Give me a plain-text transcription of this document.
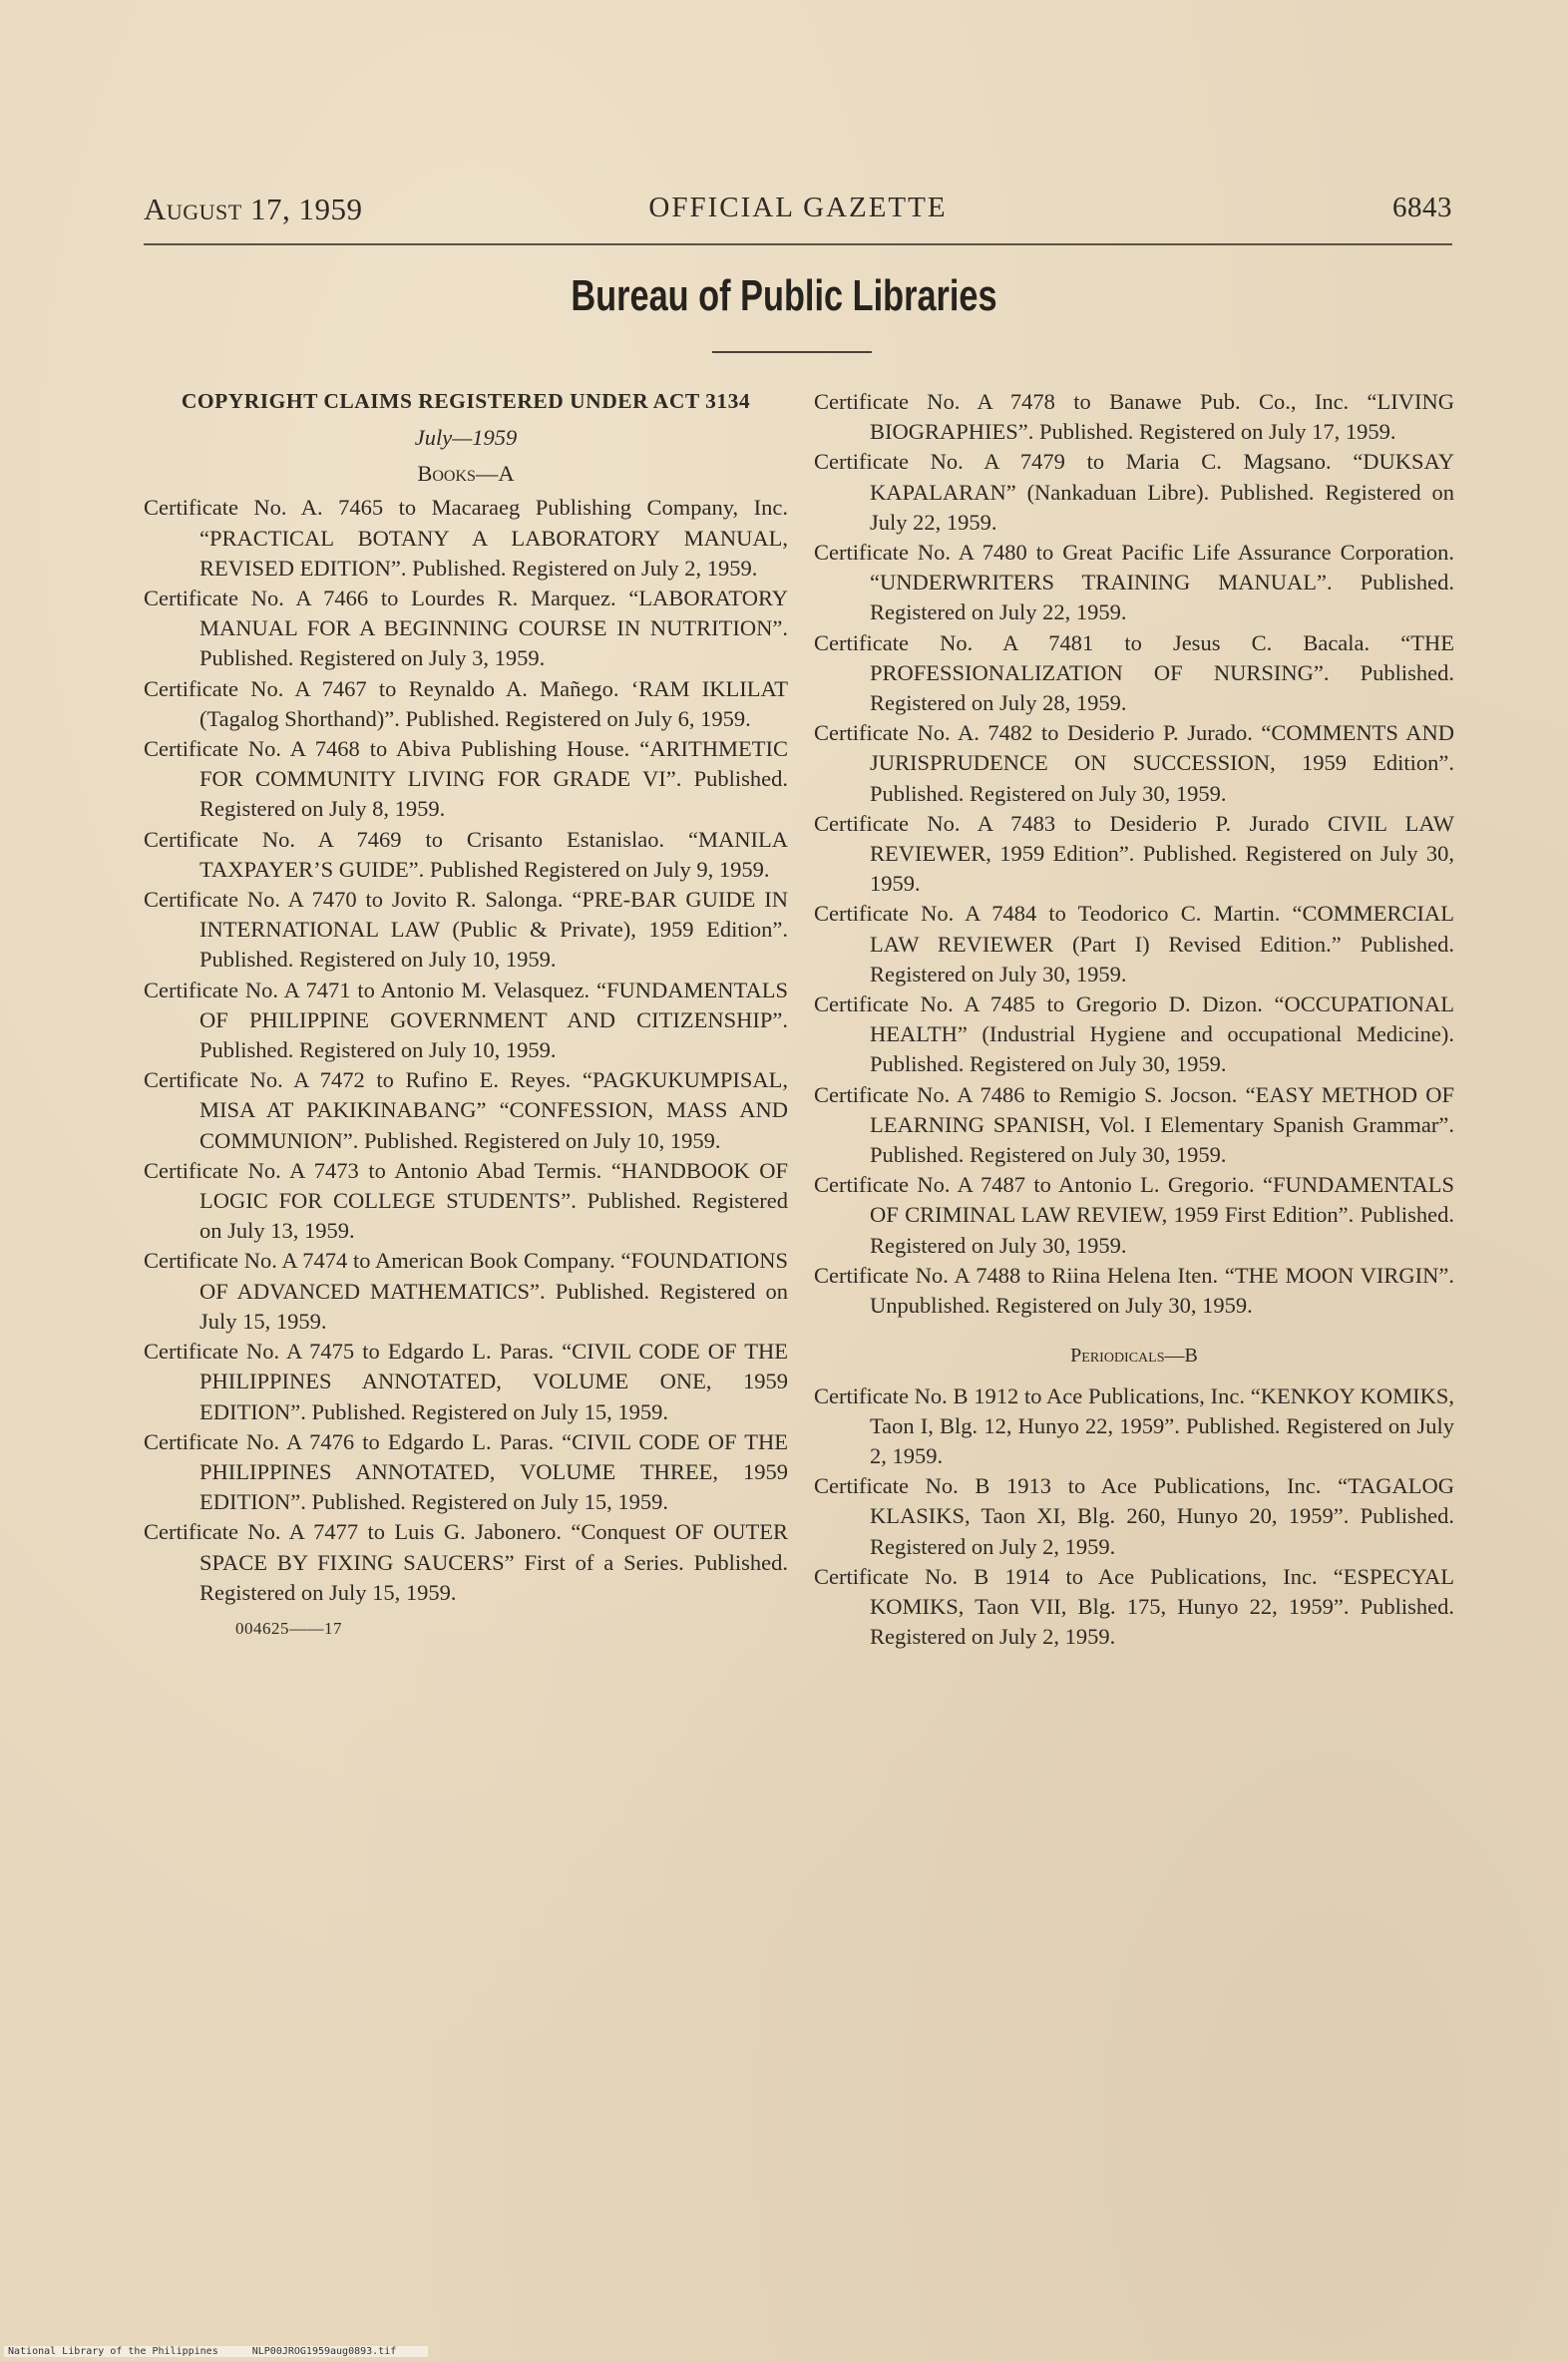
August 17, 1959	OFFICIAL GAZETTE	6843
Bureau of Public Libraries
COPYRIGHT CLAIMS REGISTERED UNDER ACT 3134
July—1959
Books—A

Certificate No. A. 7465 to Macaraeg Publishing Company, Inc. “PRACTICAL BOTANY A LABORATORY MANUAL, REVISED EDITION”. Published. Registered on July 2, 1959.

Certificate No. A 7466 to Lourdes R. Marquez. “LABORATORY MANUAL FOR A BEGINNING COURSE IN NUTRITION”. Published. Registered on July 3, 1959.

Certificate No. A 7467 to Reynaldo A. Mañego. ‘RAM IKLILAT (Tagalog Shorthand)”. Published. Registered on July 6, 1959.

Certificate No. A 7468 to Abiva Publishing House. “ARITHMETIC FOR COMMUNITY LIVING FOR GRADE VI”. Published. Registered on July 8, 1959.

Certificate No. A 7469 to Crisanto Estanislao. “MANILA TAXPAYER’S GUIDE”. Published Registered on July 9, 1959.

Certificate No. A 7470 to Jovito R. Salonga. “PRE-BAR GUIDE IN INTERNATIONAL LAW (Public & Private), 1959 Edition”. Published. Registered on July 10, 1959.

Certificate No. A 7471 to Antonio M. Velasquez. “FUNDAMENTALS OF PHILIPPINE GOVERNMENT AND CITIZENSHIP”. Published. Registered on July 10, 1959.

Certificate No. A 7472 to Rufino E. Reyes. “PAGKUKUMPISAL, MISA AT PAKIKINABANG” “CONFESSION, MASS AND COMMUNION”. Published. Registered on July 10, 1959.

Certificate No. A 7473 to Antonio Abad Termis. “HANDBOOK OF LOGIC FOR COLLEGE STUDENTS”. Published. Registered on July 13, 1959.

Certificate No. A 7474 to American Book Company. “FOUNDATIONS OF ADVANCED MATHEMATICS”. Published. Registered on July 15, 1959.

Certificate No. A 7475 to Edgardo L. Paras. “CIVIL CODE OF THE PHILIPPINES ANNOTATED, VOLUME ONE, 1959 EDITION”. Published. Registered on July 15, 1959.

Certificate No. A 7476 to Edgardo L. Paras. “CIVIL CODE OF THE PHILIPPINES ANNOTATED, VOLUME THREE, 1959 EDITION”. Published. Registered on July 15, 1959.

Certificate No. A 7477 to Luis G. Jabonero. “Conquest OF OUTER SPACE BY FIXING SAUCERS” First of a Series. Published. Registered on July 15, 1959.

004625——17

Certificate No. A 7478 to Banawe Pub. Co., Inc. “LIVING BIOGRAPHIES”. Published. Registered on July 17, 1959.

Certificate No. A 7479 to Maria C. Magsano. “DUKSAY KAPALARAN” (Nankaduan Libre). Published. Registered on July 22, 1959.

Certificate No. A 7480 to Great Pacific Life Assurance Corporation. “UNDERWRITERS TRAINING MANUAL”. Published. Registered on July 22, 1959.

Certificate No. A 7481 to Jesus C. Bacala. “THE PROFESSIONALIZATION OF NURSING”. Published. Registered on July 28, 1959.

Certificate No. A. 7482 to Desiderio P. Jurado. “COMMENTS AND JURISPRUDENCE ON SUCCESSION, 1959 Edition”. Published. Registered on July 30, 1959.

Certificate No. A 7483 to Desiderio P. Jurado CIVIL LAW REVIEWER, 1959 Edition”. Published. Registered on July 30, 1959.

Certificate No. A 7484 to Teodorico C. Martin. “COMMERCIAL LAW REVIEWER (Part I) Revised Edition.” Published. Registered on July 30, 1959.

Certificate No. A 7485 to Gregorio D. Dizon. “OCCUPATIONAL HEALTH” (Industrial Hygiene and occupational Medicine). Published. Registered on July 30, 1959.

Certificate No. A 7486 to Remigio S. Jocson. “EASY METHOD OF LEARNING SPANISH, Vol. I Elementary Spanish Grammar”. Published. Registered on July 30, 1959.

Certificate No. A 7487 to Antonio L. Gregorio. “FUNDAMENTALS OF CRIMINAL LAW REVIEW, 1959 First Edition”. Published. Registered on July 30, 1959.

Certificate No. A 7488 to Riina Helena Iten. “THE MOON VIRGIN”. Unpublished. Registered on July 30, 1959.

Periodicals—B

Certificate No. B 1912 to Ace Publications, Inc. “KENKOY KOMIKS, Taon I, Blg. 12, Hunyo 22, 1959”. Published. Registered on July 2, 1959.

Certificate No. B 1913 to Ace Publications, Inc. “TAGALOG KLASIKS, Taon XI, Blg. 260, Hunyo 20, 1959”. Published. Registered on July 2, 1959.

Certificate No. B 1914 to Ace Publications, Inc. “ESPECYAL KOMIKS, Taon VII, Blg. 175, Hunyo 22, 1959”. Published. Registered on July 2, 1959.

National Library of the Philippines	NLP00JROG1959aug0893.tif
